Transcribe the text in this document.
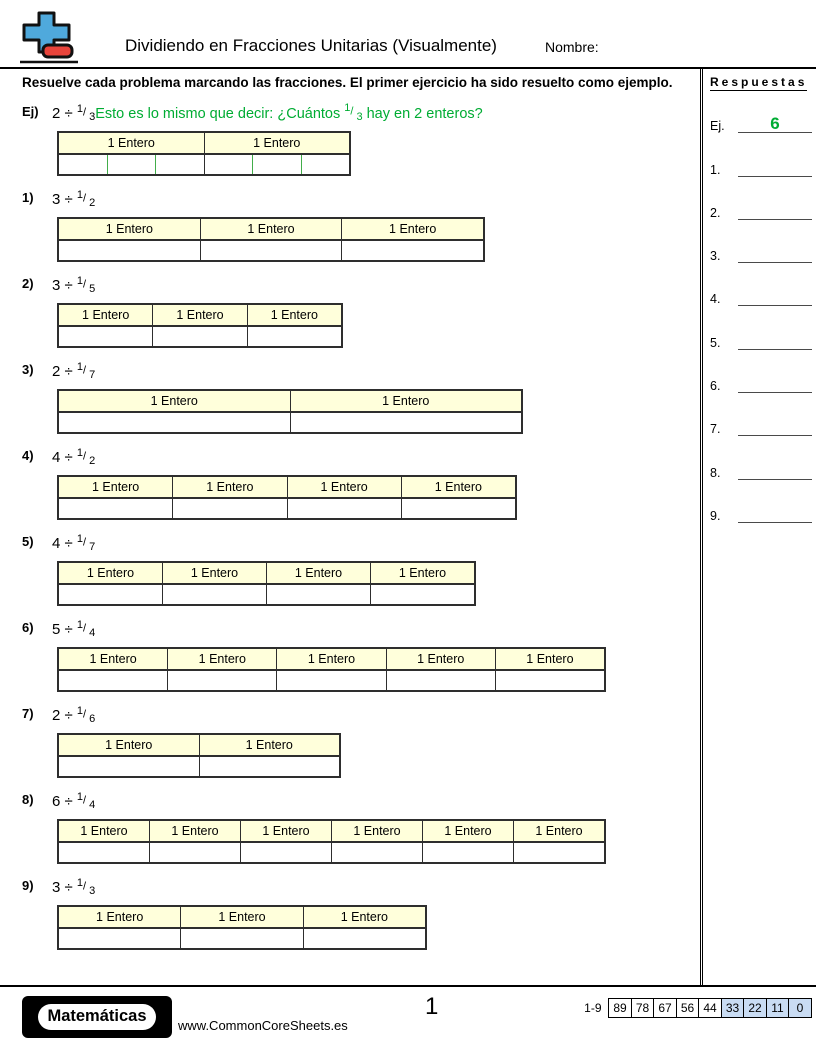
Dividiendo en Fracciones Unitarias (Visualmente)	Nombre:

Resuelve cada problema marcando las fracciones. El primer ejercicio ha sido resuelto como ejemplo.

Ej) 2 ÷ $^1$/ $_3$ Esto es lo mismo que decir: ¿Cuántos $^1$/ $_3$ hay en 2 enteros?
1 Entero	1 Entero
1)	3 ÷ $^1$/ $_2$
1 Entero	1 Entero	1 Entero
2)	3 ÷ $^1$/ $_5$
1 Entero	1 Entero	1 Entero
3)	2 ÷ $^1$/ $_7$
1 Entero	1 Entero
4)	4 ÷ $^1$/ $_2$
1 Entero	1 Entero	1 Entero	1 Entero
5)	4 ÷ $^1$/ $_7$
1 Entero	1 Entero	1 Entero	1 Entero
6)	5 ÷ $^1$/ $_4$
1 Entero	1 Entero	1 Entero	1 Entero	1 Entero
7)	2 ÷ $^1$/ $_6$
1 Entero	1 Entero
8)	6 ÷ $^1$/ $_4$
1 Entero	1 Entero	1 Entero	1 Entero	1 Entero	1 Entero
9)	3 ÷ $^1$/ $_3$
1 Entero	1 Entero	1 Entero
Respuestas
Ej.	6
1.
2.
3.
4.
5.
6.
7.
8.
9.
Matemáticas
www.CommonCoreSheets.es
1	1-9 89 78 67 56 44 33 22 11	0
